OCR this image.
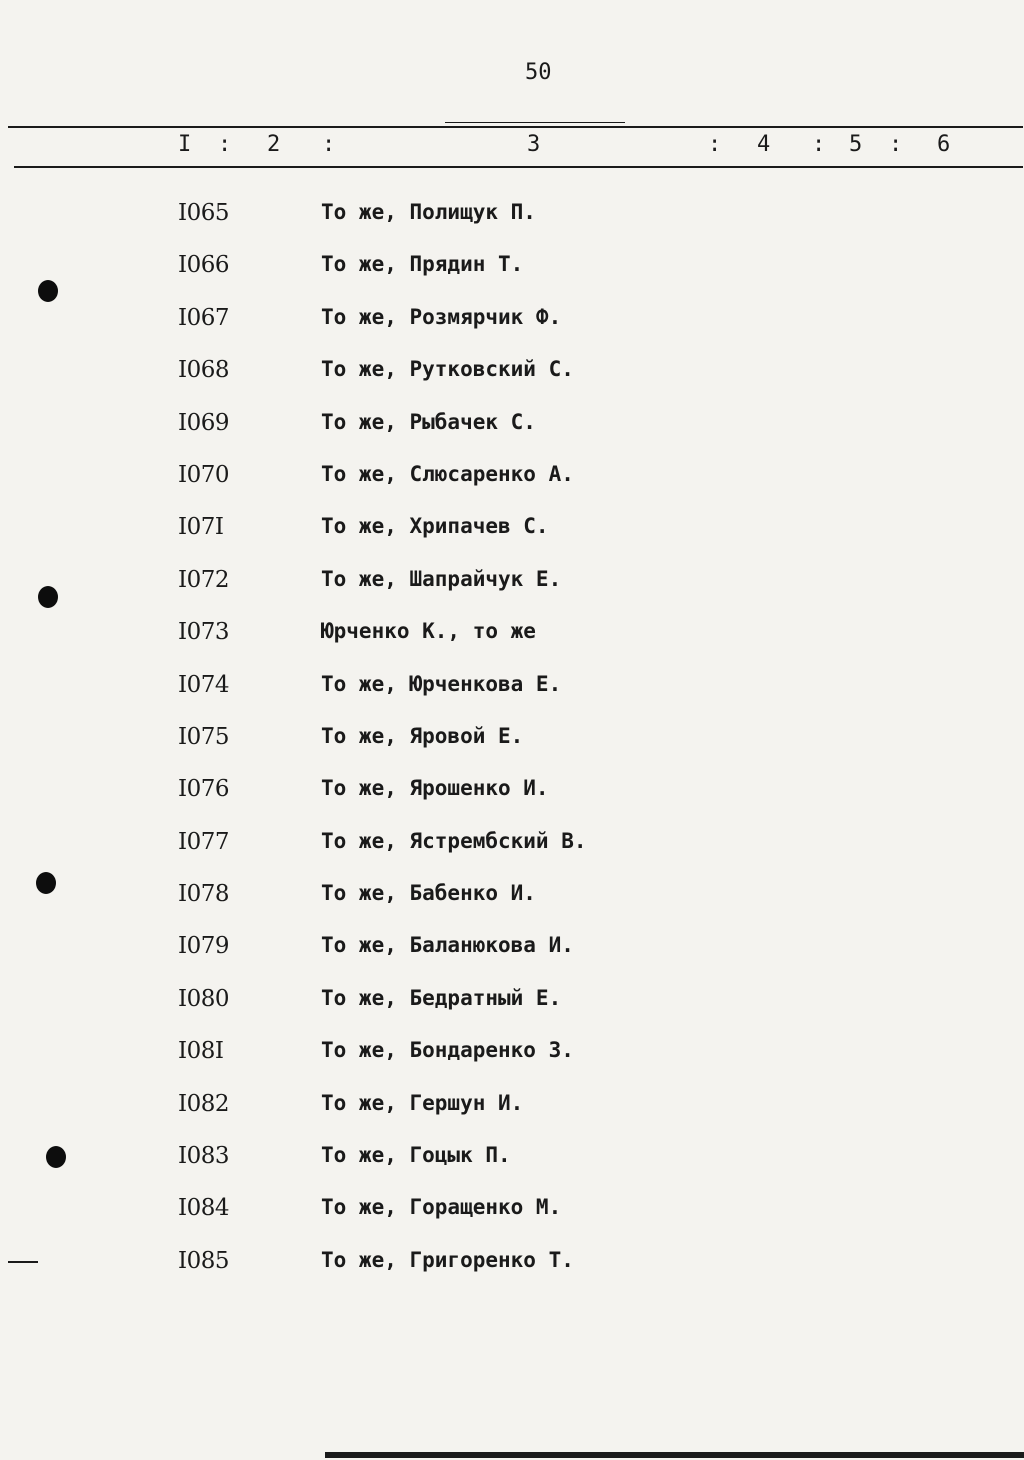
50
I : 2 :	3	: 4 : 5 : 6
I065	То же, Полищук П.
I066	То же, Прядин Т.
I067	То же, Розмярчик Ф.
I068	То же, Рутковский С.
I069	То же, Рыбачек С.
I070	То же, Слюсаренко А.
I07I	То же, Хрипачев С.
I072	То же, Шапрайчук Е.
I073	Юрченко К., то же
I074	То же, Юрченкова Е.
I075	То же, Яровой Е.
I076	То же, Ярошенко И.
I077	То же, Ястрембский В.
I078	То же, Бабенко И.
I079	То же, Баланюкова И.
I080	То же, Бедратный Е.
I08I	То же, Бондаренко З.
I082	То же, Гершун И.
I083	То же, Гоцык П.
I084	То же, Горащенко М.
I085	То же, Григоренко Т.
